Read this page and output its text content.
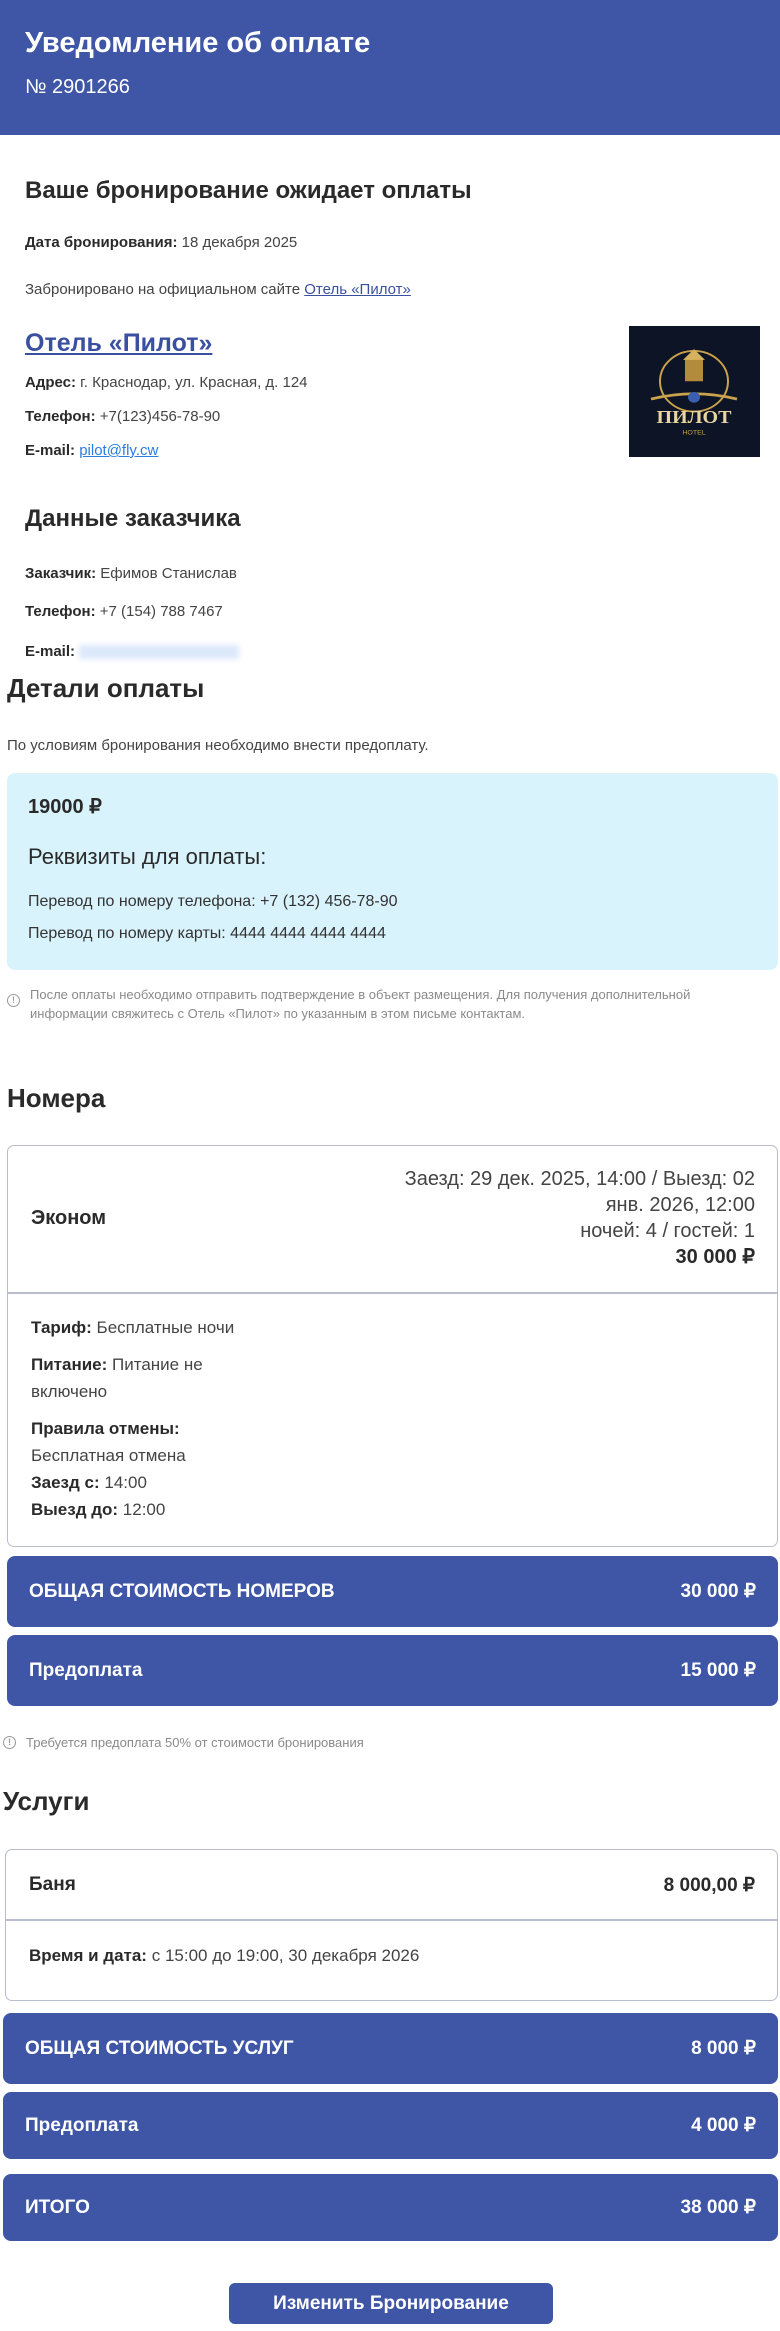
Уведомление об оплате
№ 2901266
Ваше бронирование ожидает оплаты
Дата бронирования: 18 декабря 2025
Забронировано на официальном сайте Отель «Пилот»
Отель «Пилот»
Адрес: г. Краснодар, ул. Красная, д. 124
Телефон: +7(123)456-78-90
E-mail: pilot@fly.cw
ПИЛОТ
HOTEL
Данные заказчика
Заказчик: Ефимов Станислав
Телефон: +7 (154) 788 7467
E-mail:
Детали оплаты
По условиям бронирования необходимо внести предоплату.
19000 ₽
Реквизиты для оплаты:
Перевод по номеру телефона: +7 (132) 456-78-90
Перевод по номеру карты: 4444 4444 4444 4444
!	После оплаты необходимо отправить подтверждение в объект размещения. Для получения дополнительной информации свяжитесь с Отель «Пилот» по указанным в этом письме контактам.
Номера
Эконом
Заезд: 29 дек. 2025, 14:00 / Выезд: 02
янв. 2026, 12:00
ночей: 4 / гостей: 1
30 000 ₽
Тариф: Бесплатные ночи
Питание: Питание не включено
Правила отмены:
Бесплатная отмена
Заезд с: 14:00
Выезд до: 12:00
ОБЩАЯ СТОИМОСТЬ НОМЕРОВ	30 000 ₽
Предоплата	15 000 ₽
!	Требуется предоплата 50% от стоимости бронирования
Услуги
Баня	8 000,00 ₽
Время и дата: с 15:00 до 19:00, 30 декабря 2026
ОБЩАЯ СТОИМОСТЬ УСЛУГ	8 000 ₽
Предоплата	4 000 ₽
ИТОГО	38 000 ₽
Изменить Бронирование
